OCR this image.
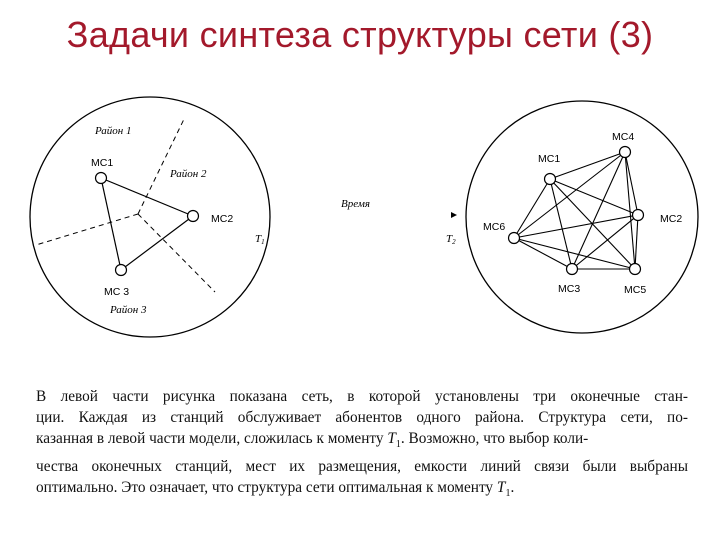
Задачи синтеза структуры сети (3)
Район 1
Район 2
Район 3
МС1
МС2
МС 3
T1
Время
T2
МС4
МС1
МС2
МС6
МС3	МС5
В левой части рисунка показана сеть, в которой установлены три оконечные стан-
ции. Каждая из станций обслуживает абонентов одного района. Структура сети, по-
казанная в левой части модели, сложилась к моменту $T_1$. Возможно, что выбор коли-
чества оконечных станций, мест их размещения, емкости линий связи были выбраны
оптимально. Это означает, что структура сети оптимальная к моменту $T_1$.
